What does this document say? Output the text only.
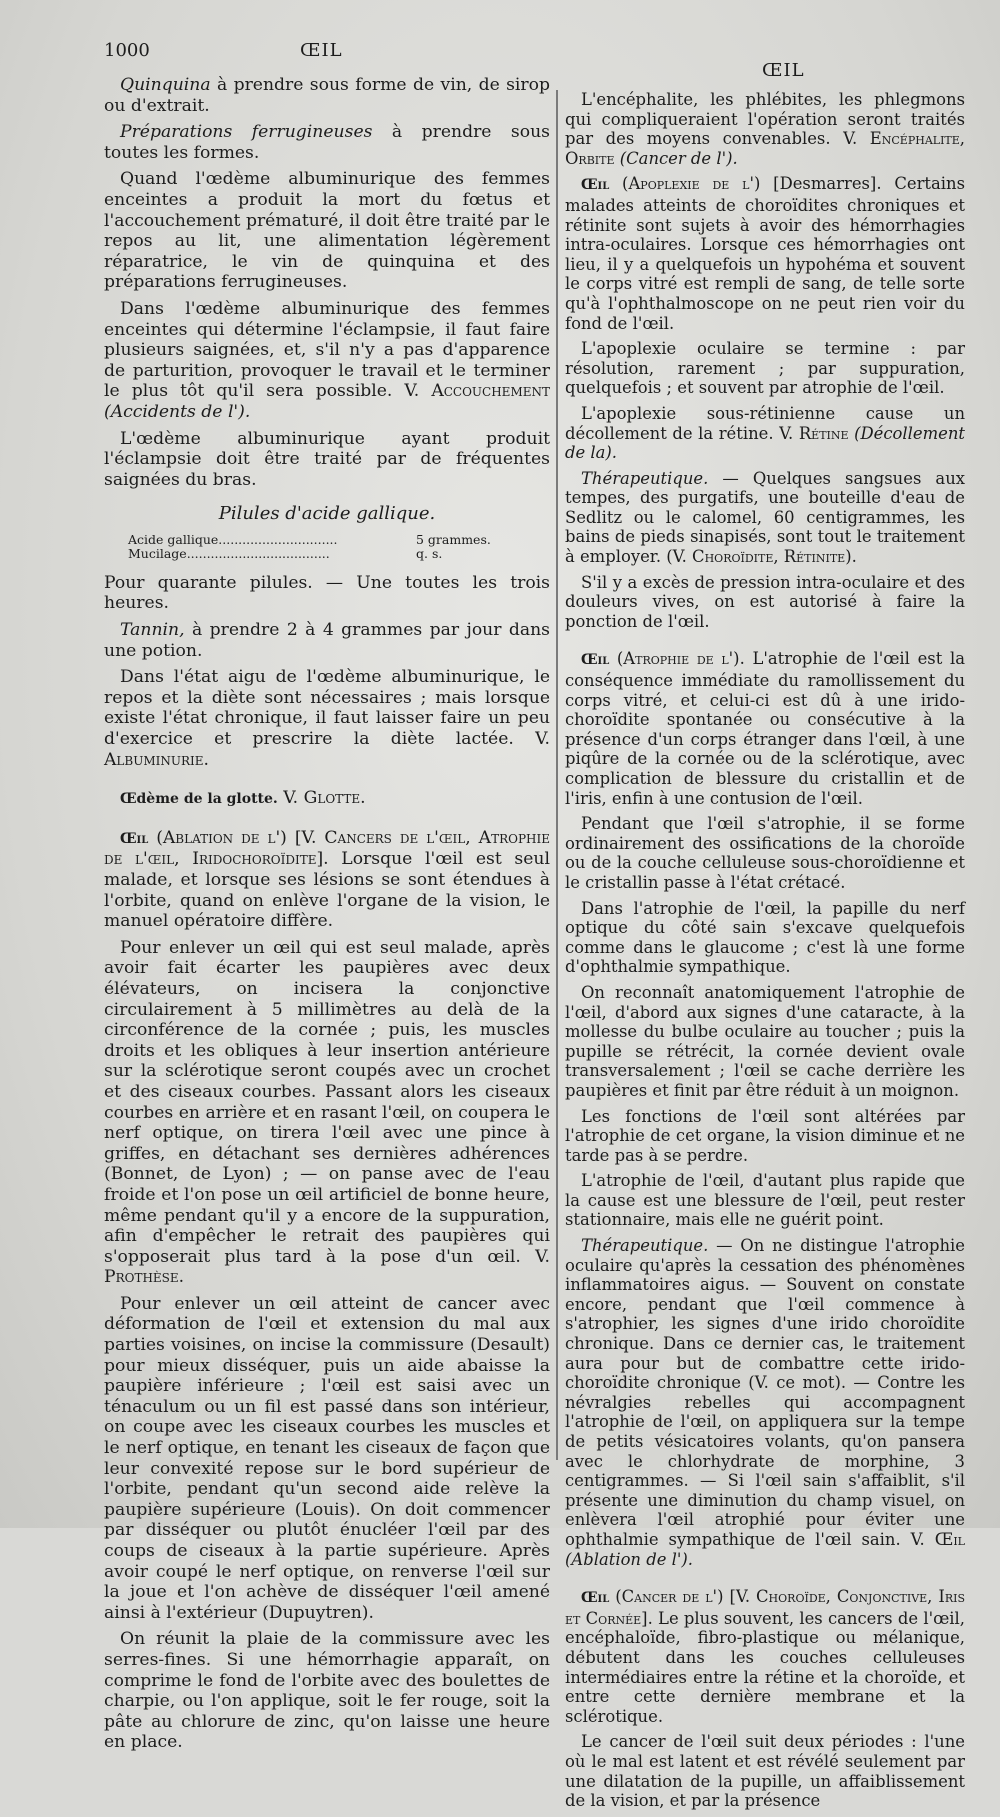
1000	ŒIL
ŒIL

Quinquina à prendre sous forme de vin, de sirop ou d'extrait.

Préparations ferrugineuses à prendre sous toutes les formes.

Quand l'œdème albuminurique des femmes enceintes a produit la mort du fœtus et l'accouchement prématuré, il doit être traité par le repos au lit, une alimentation légèrement réparatrice, le vin de quinquina et des préparations ferrugineuses.

Dans l'œdème albuminurique des femmes enceintes qui détermine l'éclampsie, il faut faire plusieurs saignées, et, s'il n'y a pas d'apparence de parturition, provoquer le travail et le terminer le plus tôt qu'il sera possible. V. Accouchement (Accidents de l').

L'œdème albuminurique ayant produit l'éclampsie doit être traité par de fréquentes saignées du bras.

Pilules d'acide gallique.

Acide gallique..............................	5 grammes.
Mucilage....................................	q. s.

Pour quarante pilules. — Une toutes les trois heures.

Tannin, à prendre 2 à 4 grammes par jour dans une potion.

Dans l'état aigu de l'œdème albuminurique, le repos et la diète sont nécessaires ; mais lorsque existe l'état chronique, il faut laisser faire un peu d'exercice et prescrire la diète lactée. V. Albuminurie.

Œdème de la glotte. V. Glotte.

Œil (Ablation de l') [V. Cancers de l'œil, Atrophie de l'œil, Iridochoroïdite]. Lorsque l'œil est seul malade, et lorsque ses lésions se sont étendues à l'orbite, quand on enlève l'organe de la vision, le manuel opératoire diffère.

Pour enlever un œil qui est seul malade, après avoir fait écarter les paupières avec deux élévateurs, on incisera la conjonctive circulairement à 5 millimètres au delà de la circonférence de la cornée ; puis, les muscles droits et les obliques à leur insertion antérieure sur la sclérotique seront coupés avec un crochet et des ciseaux courbes. Passant alors les ciseaux courbes en arrière et en rasant l'œil, on coupera le nerf optique, on tirera l'œil avec une pince à griffes, en détachant ses dernières adhérences (Bonnet, de Lyon) ; — on panse avec de l'eau froide et l'on pose un œil artificiel de bonne heure, même pendant qu'il y a encore de la suppuration, afin d'empêcher le retrait des paupières qui s'opposerait plus tard à la pose d'un œil. V. Prothèse.

Pour enlever un œil atteint de cancer avec déformation de l'œil et extension du mal aux parties voisines, on incise la commissure (Desault) pour mieux disséquer, puis un aide abaisse la paupière inférieure ; l'œil est saisi avec un ténaculum ou un fil est passé dans son intérieur, on coupe avec les ciseaux courbes les muscles et le nerf optique, en tenant les ciseaux de façon que leur convexité repose sur le bord supérieur de l'orbite, pendant qu'un second aide relève la paupière supérieure (Louis). On doit commencer par disséquer ou plutôt énucléer l'œil par des coups de ciseaux à la partie supérieure. Après avoir coupé le nerf optique, on renverse l'œil sur la joue et l'on achève de disséquer l'œil amené ainsi à l'extérieur (Dupuytren).

On réunit la plaie de la commissure avec les serres-fines. Si une hémorrhagie apparaît, on comprime le fond de l'orbite avec des boulettes de charpie, ou l'on applique, soit le fer rouge, soit la pâte au chlorure de zinc, qu'on laisse une heure en place.

L'encéphalite, les phlébites, les phlegmons qui compliqueraient l'opération seront traités par des moyens convenables. V. Encéphalite, Orbite (Cancer de l').

Œil (Apoplexie de l') [Desmarres]. Certains malades atteints de choroïdites chroniques et rétinite sont sujets à avoir des hémorrhagies intra-oculaires. Lorsque ces hémorrhagies ont lieu, il y a quelquefois un hypohéma et souvent le corps vitré est rempli de sang, de telle sorte qu'à l'ophthalmoscope on ne peut rien voir du fond de l'œil.

L'apoplexie oculaire se termine : par résolution, rarement ; par suppuration, quelquefois ; et souvent par atrophie de l'œil.

L'apoplexie sous-rétinienne cause un décollement de la rétine. V. Rétine (Décollement de la).

Thérapeutique. — Quelques sangsues aux tempes, des purgatifs, une bouteille d'eau de Sedlitz ou le calomel, 60 centigrammes, les bains de pieds sinapisés, sont tout le traitement à employer. (V. Choroïdite, Rétinite).

S'il y a excès de pression intra-oculaire et des douleurs vives, on est autorisé à faire la ponction de l'œil.

Œil (Atrophie de l'). L'atrophie de l'œil est la conséquence immédiate du ramollissement du corps vitré, et celui-ci est dû à une irido-choroïdite spontanée ou consécutive à la présence d'un corps étranger dans l'œil, à une piqûre de la cornée ou de la sclérotique, avec complication de blessure du cristallin et de l'iris, enfin à une contusion de l'œil.

Pendant que l'œil s'atrophie, il se forme ordinairement des ossifications de la choroïde ou de la couche celluleuse sous-choroïdienne et le cristallin passe à l'état crétacé.

Dans l'atrophie de l'œil, la papille du nerf optique du côté sain s'excave quelquefois comme dans le glaucome ; c'est là une forme d'ophthalmie sympathique.

On reconnaît anatomiquement l'atrophie de l'œil, d'abord aux signes d'une cataracte, à la mollesse du bulbe oculaire au toucher ; puis la pupille se rétrécit, la cornée devient ovale transversalement ; l'œil se cache derrière les paupières et finit par être réduit à un moignon.

Les fonctions de l'œil sont altérées par l'atrophie de cet organe, la vision diminue et ne tarde pas à se perdre.

L'atrophie de l'œil, d'autant plus rapide que la cause est une blessure de l'œil, peut rester stationnaire, mais elle ne guérit point.

Thérapeutique. — On ne distingue l'atrophie oculaire qu'après la cessation des phénomènes inflammatoires aigus. — Souvent on constate encore, pendant que l'œil commence à s'atrophier, les signes d'une irido choroïdite chronique. Dans ce dernier cas, le traitement aura pour but de combattre cette irido-choroïdite chronique (V. ce mot). — Contre les névralgies rebelles qui accompagnent l'atrophie de l'œil, on appliquera sur la tempe de petits vésicatoires volants, qu'on pansera avec le chlorhydrate de morphine, 3 centigrammes. — Si l'œil sain s'affaiblit, s'il présente une diminution du champ visuel, on enlèvera l'œil atrophié pour éviter une ophthalmie sympathique de l'œil sain. V. Œil (Ablation de l').

Œil (Cancer de l') [V. Choroïde, Conjonctive, Iris et Cornée]. Le plus souvent, les cancers de l'œil, encéphaloïde, fibro-plastique ou mélanique, débutent dans les couches celluleuses intermédiaires entre la rétine et la choroïde, et entre cette dernière membrane et la sclérotique.

Le cancer de l'œil suit deux périodes : l'une où le mal est latent et est révélé seulement par une dilatation de la pupille, un affaiblissement de la vision, et par la présence
